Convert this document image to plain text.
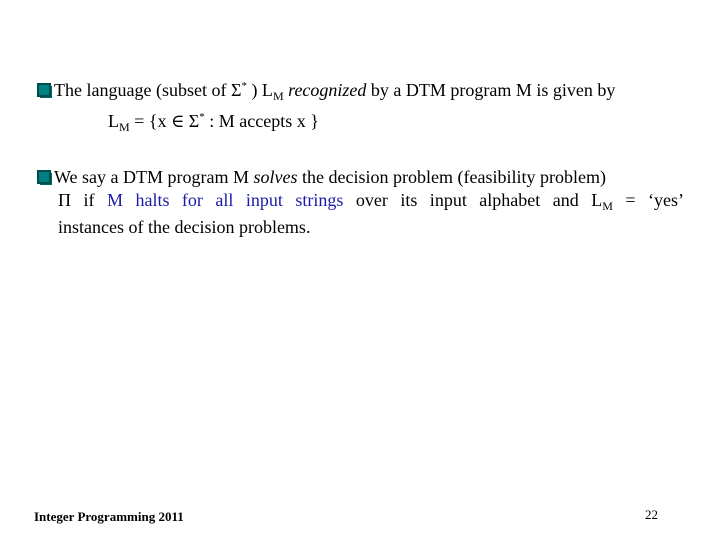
The language (subset of Σ* ) $L_M$ recognized by a DTM program M is given by
$L_M = \{x$ ∈ Σ* : M accepts x }
We say a DTM program M solves the decision problem (feasibility problem)
Π if M halts for all input strings over its input alphabet and $L_M$ = ‘yes’
instances of the decision problems.
Integer Programming 2011	22
